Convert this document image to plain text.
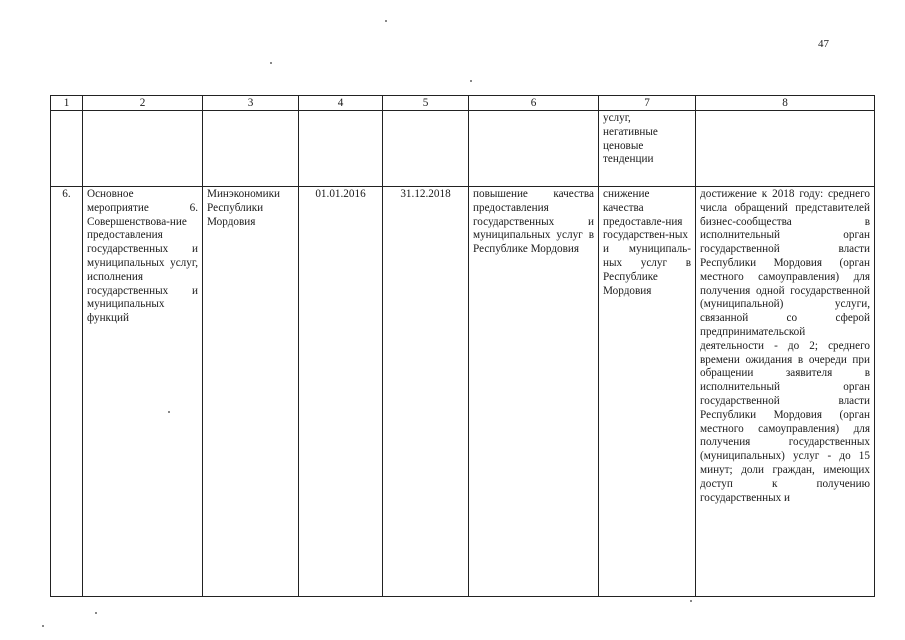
47
1	2	3	4	5	6	7	8
						услуг, негативные ценовые тенденции	
6.	Основное мероприятие 6. Совершенствова-ние предоставления государственных и муниципальных услуг, исполнения государственных и муниципальных функций	Минэкономики Республики Мордовия	01.01.2016	31.12.2018	повышение качества предоставления государственных и муниципальных услуг в Республике Мордовия	снижение качества предоставле-ния государствен-ных и муниципаль-ных услуг в Республике Мордовия	достижение к 2018 году: среднего числа обращений представителей бизнес-сообщества в исполнительный орган государственной власти Республики Мордовия (орган местного самоуправления) для получения одной государственной (муниципальной) услуги, связанной со сферой предпринимательской деятельности - до 2; среднего времени ожидания в очереди при обращении заявителя в исполнительный орган государственной власти Республики Мордовия (орган местного самоуправления) для получения государственных (муниципальных) услуг - до 15 минут; доли граждан, имеющих доступ к получению государственных и
